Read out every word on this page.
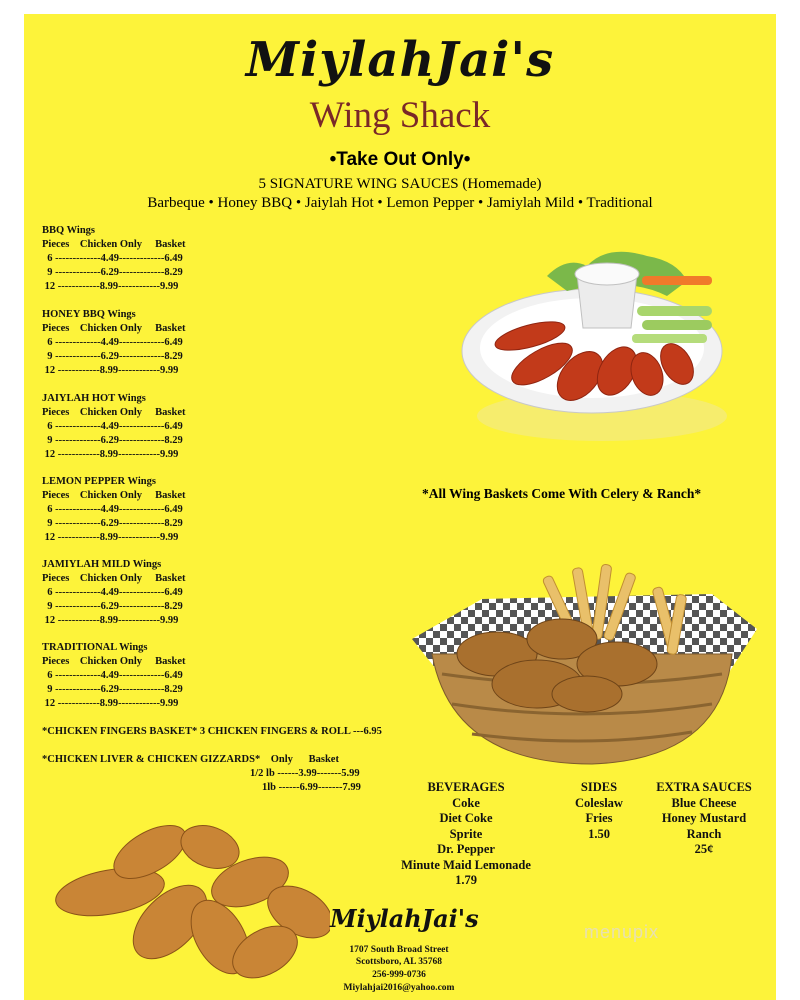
MiylahJai's
Wing Shack
•Take Out Only•
5 SIGNATURE WING SAUCES (Homemade)
Barbeque • Honey BBQ • Jaiylah Hot • Lemon Pepper • Jamiylah Mild • Traditional
BBQ Wings
Pieces    Chicken Only     Basket
6 -------------4.49-------------6.49
9 -------------6.29-------------8.29
12 ------------8.99------------9.99
HONEY BBQ Wings
Pieces    Chicken Only     Basket
6 -------------4.49-------------6.49
9 -------------6.29-------------8.29
12 ------------8.99------------9.99
JAIYLAH HOT Wings
Pieces    Chicken Only     Basket
6 -------------4.49-------------6.49
9 -------------6.29-------------8.29
12 ------------8.99------------9.99
LEMON PEPPER Wings
Pieces    Chicken Only     Basket
6 -------------4.49-------------6.49
9 -------------6.29-------------8.29
12 ------------8.99------------9.99
JAMIYLAH MILD Wings
Pieces    Chicken Only     Basket
6 -------------4.49-------------6.49
9 -------------6.29-------------8.29
12 ------------8.99------------9.99
TRADITIONAL Wings
Pieces    Chicken Only     Basket
6 -------------4.49-------------6.49
9 -------------6.29-------------8.29
12 ------------8.99------------9.99
*CHICKEN FINGERS BASKET* 3 CHICKEN FINGERS & ROLL ---6.95
*CHICKEN LIVER & CHICKEN GIZZARDS*    Only      Basket
1/2 lb ------3.99-------5.99
1lb ------6.99-------7.99
*All Wing Baskets Come With Celery & Ranch*
BEVERAGES
Coke
Diet Coke
Sprite
Dr. Pepper
Minute Maid Lemonade
1.79
SIDES
Coleslaw
Fries
1.50
EXTRA SAUCES
Blue Cheese
Honey Mustard
Ranch
25¢
MiylahJai's
1707 South Broad Street
Scottsboro, AL 35768
256-999-0736
Miylahjai2016@yahoo.com
menupix
